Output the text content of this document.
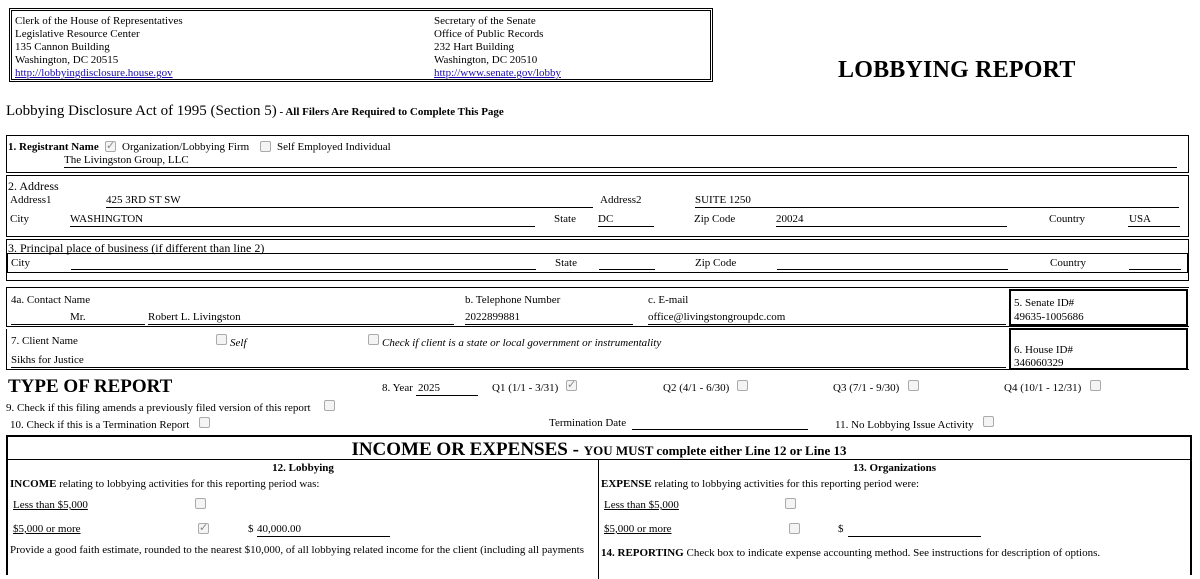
Clerk of the House of Representatives
Legislative Resource Center
135 Cannon Building
Washington, DC 20515
http://lobbyingdisclosure.house.gov
Secretary of the Senate
Office of Public Records
232 Hart Building
Washington, DC 20510
http://www.senate.gov/lobby	LOBBYING REPORT
Lobbying Disclosure Act of 1995 (Section 5) - All Filers Are Required to Complete This Page
1. Registrant Name ✓ Organization/Lobbying Firm	Self Employed Individual
The Livingston Group, LLC
2. Address
Address1	425 3RD ST SW	Address2	SUITE 1250
City	WASHINGTON	State DC	Zip Code	20024	Country	USA
3. Principal place of business (if different than line 2)
City	State	Zip Code	Country
4a. Contact Name
Mr.	Robert L. Livingston
b. Telephone Number
2022899881
c. E-mail
office@livingstongroupdc.com
5. Senate ID#
49635-1005686
7. Client Name	Self	Check if client is a state or local government or instrumentality
Sikhs for Justice
6. House ID#
346060329
TYPE OF REPORT	8. Year 2025	Q1 (1/1 - 3/31) ✓	Q2 (4/1 - 6/30)	Q3 (7/1 - 9/30)	Q4 (10/1 - 12/31)
9. Check if this filing amends a previously filed version of this report
10. Check if this is a Termination Report	Termination Date	11. No Lobbying Issue Activity
INCOME OR EXPENSES - YOU MUST complete either Line 12 or Line 13
12. Lobbying
INCOME relating to lobbying activities for this reporting period was:
Less than $5,000
$5,000 or more ✓	$ 40,000.00
Provide a good faith estimate, rounded to the nearest $10,000, of all lobbying related income for the client (including all payments
13. Organizations
EXPENSE relating to lobbying activities for this reporting period were:
Less than $5,000
$5,000 or more	$
14. REPORTING Check box to indicate expense accounting method. See instructions for description of options.
